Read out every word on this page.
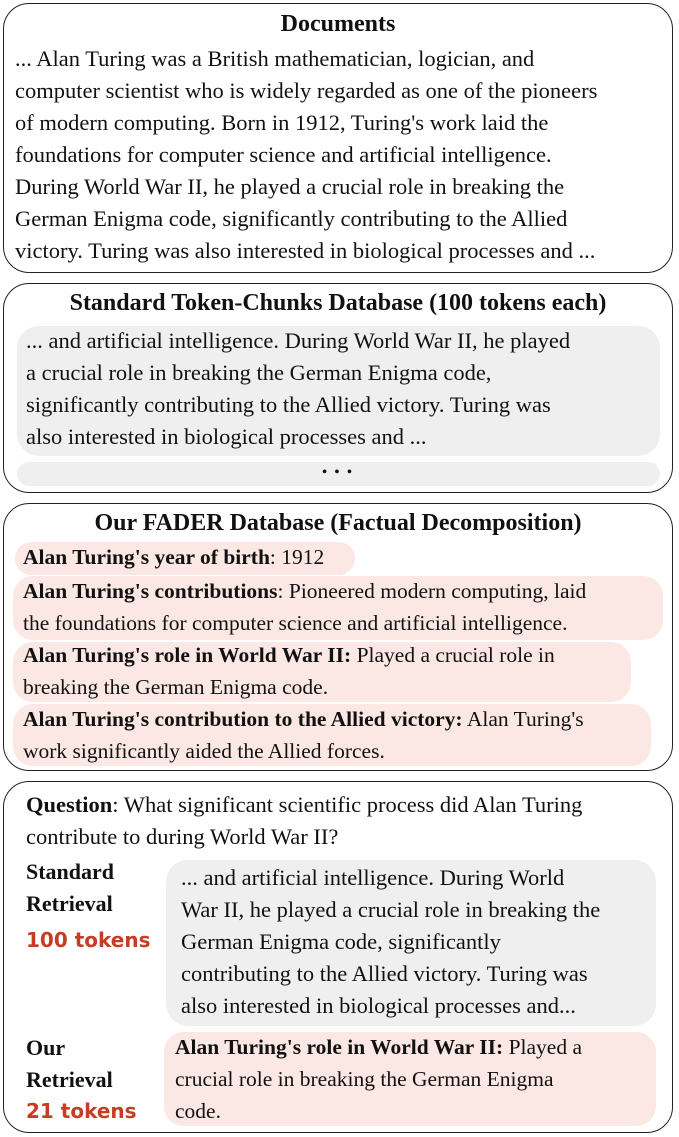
Documents
... Alan Turing was a British mathematician, logician, and
computer scientist who is widely regarded as one of the pioneers
of modern computing. Born in 1912, Turing's work laid the
foundations for computer science and artificial intelligence.
During World War II, he played a crucial role in breaking the
German Enigma code, significantly contributing to the Allied
victory. Turing was also interested in biological processes and ...
Standard Token-Chunks Database (100 tokens each)
... and artificial intelligence. During World War II, he played
a crucial role in breaking the German Enigma code,
significantly contributing to the Allied victory. Turing was
also interested in biological processes and ...
• • •
Our FADER Database (Factual Decomposition)
Alan Turing's year of birth: 1912
Alan Turing's contributions: Pioneered modern computing, laid
the foundations for computer science and artificial intelligence.
Alan Turing's role in World War II: Played a crucial role in
breaking the German Enigma code.
Alan Turing's contribution to the Allied victory: Alan Turing's
work significantly aided the Allied forces.
Question: What significant scientific process did Alan Turing
contribute to during World War II?
Standard
Retrieval
100 tokens
... and artificial intelligence. During World
War II, he played a crucial role in breaking the
German Enigma code, significantly
contributing to the Allied victory. Turing was
also interested in biological processes and...
Our
Retrieval
21 tokens
Alan Turing's role in World War II: Played a
crucial role in breaking the German Enigma
code.
